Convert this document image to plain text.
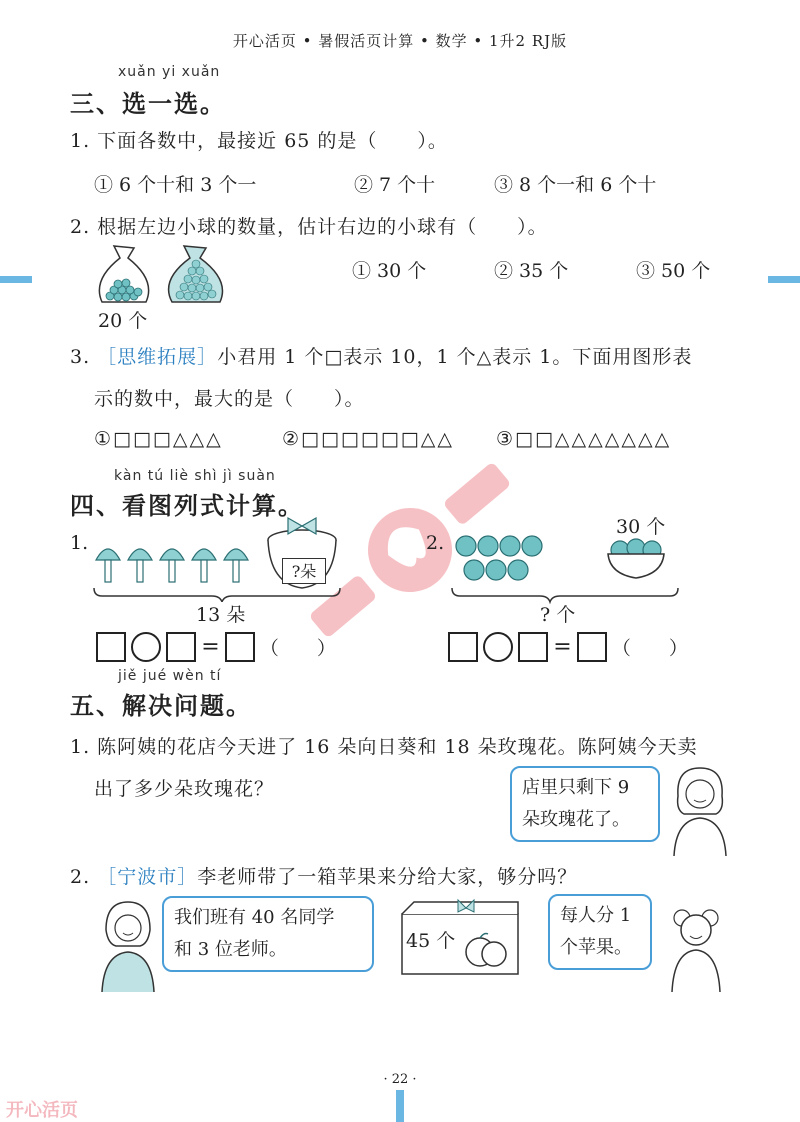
开心活页 • 暑假活页计算 • 数学 • 1升2 RJ版
xuǎn yi xuǎn
三、选一选。
1. 下面各数中，最接近 65 的是（　　）。
① 6 个十和 3 个一	② 7 个十	③ 8 个一和 6 个十
2. 根据左边小球的数量，估计右边的小球有（　　）。
20 个
① 30 个	② 35 个	③ 50 个
3. ［思维拓展］小君用 1 个□表示 10，1 个△表示 1。下面用图形表
示的数中，最大的是（　　）。
①□□□△△△	②□□□□□□△△ ③□□△△△△△△△
kàn tú liè shì jì suàn
四、看图列式计算。
1.
?朵
13 朵
= （　　）
2.
30 个
? 个
= （　　）
jiě jué wèn tí
五、解决问题。
1. 陈阿姨的花店今天进了 16 朵向日葵和 18 朵玫瑰花。陈阿姨今天卖
出了多少朵玫瑰花？	店里只剩下 9
朵玫瑰花了。
2. ［宁波市］李老师带了一箱苹果来分给大家，够分吗？
我们班有 40 名同学
和 3 位老师。	45 个
每人分 1
个苹果。
· 22 ·
开心活页
